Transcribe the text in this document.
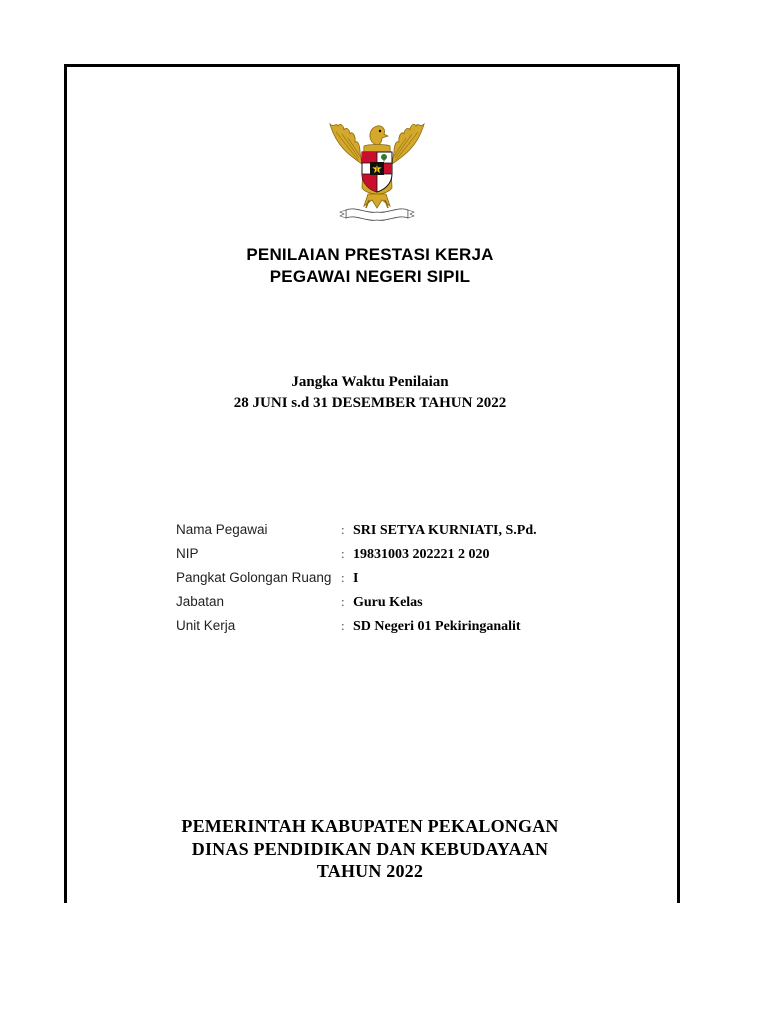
PENILAIAN PRESTASI KERJA
PEGAWAI NEGERI SIPIL
Jangka Waktu Penilaian
28 JUNI s.d 31 DESEMBER TAHUN 2022
Nama Pegawai	: SRI SETYA KURNIATI, S.Pd.
NIP	: 19831003 202221 2 020
Pangkat Golongan Ruang : I
Jabatan	: Guru Kelas
Unit Kerja	: SD Negeri 01 Pekiringanalit
PEMERINTAH KABUPATEN PEKALONGAN
DINAS PENDIDIKAN DAN KEBUDAYAAN
TAHUN 2022
